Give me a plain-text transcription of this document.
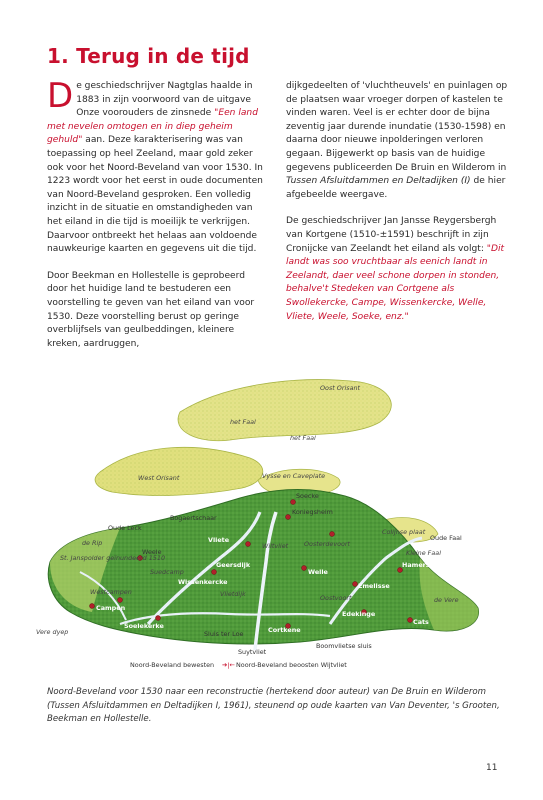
1. Terug in de tijd

De geschiedschrijver Nagtglas haalde in 1883 in zijn voorwoord van de uitgave Onze voorouders de zinsnede "Een land met nevelen omtogen en in diep geheim gehuld" aan. Deze karakterisering was van toepassing op heel Zeeland, maar gold zeker ook voor het Noord-Beveland van voor 1530. In 1223 wordt voor het eerst in oude documenten van Noord-Beveland gesproken. Een volledig inzicht in de situatie en omstandigheden van het eiland in die tijd is moeilijk te verkrijgen. Daarvoor ontbreekt het helaas aan voldoende nauwkeurige kaarten en gegevens uit die tijd.

Door Beekman en Hollestelle is geprobeerd door het huidige land te bestuderen een voorstelling te geven van het eiland van voor 1530. Deze voorstelling berust op geringe overblijfsels van geulbeddingen, kleinere kreken, aardruggen,

dijkgedeelten of 'vluchtheuvels' en puinlagen op de plaatsen waar vroeger dorpen of kastelen te vinden waren. Veel is er echter door de bijna zeventig jaar durende inundatie (1530-1598) en daarna door nieuwe inpolderingen verloren gegaan. Bijgewerkt op basis van de huidige gegevens publiceerden De Bruin en Wilderom in Tussen Afsluitdammen en Deltadijken (I) de hier afgebeelde weergave.

De geschiedschrijver Jan Jansse Reygersbergh van Kortgene (1510-±1591) beschrijft in zijn Cronijcke van Zeelandt het eiland als volgt: "Dit landt was soo vruchtbaar als eenich landt in Zeelandt, daer veel schone dorpen in stonden, behalve't Stedeken van Cortgene als Swollekercke, Campe, Wissenkercke, Welle, Vliete, Weele, Soeke, enz."

Oost Orisant
het Faal
het Faal
West Orisant	Vysse en Caveplate
Soecke
Koniegsheim
Bogaertschaar
Oude Leck
de Rip
St. Janspolder geïnundeerd 1510
Weele
Vliete
Wiltvliet Oosterdevoort
Colijnse plaat
Oude Faal
Kleine Faal
Hamerstede
Geersdijk
Suedcamp
Wissenkercke
Welle
Emelisse
Westcampen
Campen
Soelekerke
Edekinge
Cats
de Vere
Oostvoort
Vlietdijk
Vere dyep	Sluis ter Loe	Cortkene
Boomvlietse sluis
Suytvliet
Noord-Beveland bewesten ➔|← Noord-Beveland beoosten Wijtvliet
Noord-Beveland voor 1530 naar een reconstructie (hertekend door auteur) van De Bruin en Wilderom (Tussen Afsluitdammen en Deltadijken I, 1961), steunend op oude kaarten van Van Deventer, 's Grooten, Beekman en Hollestelle.
11
